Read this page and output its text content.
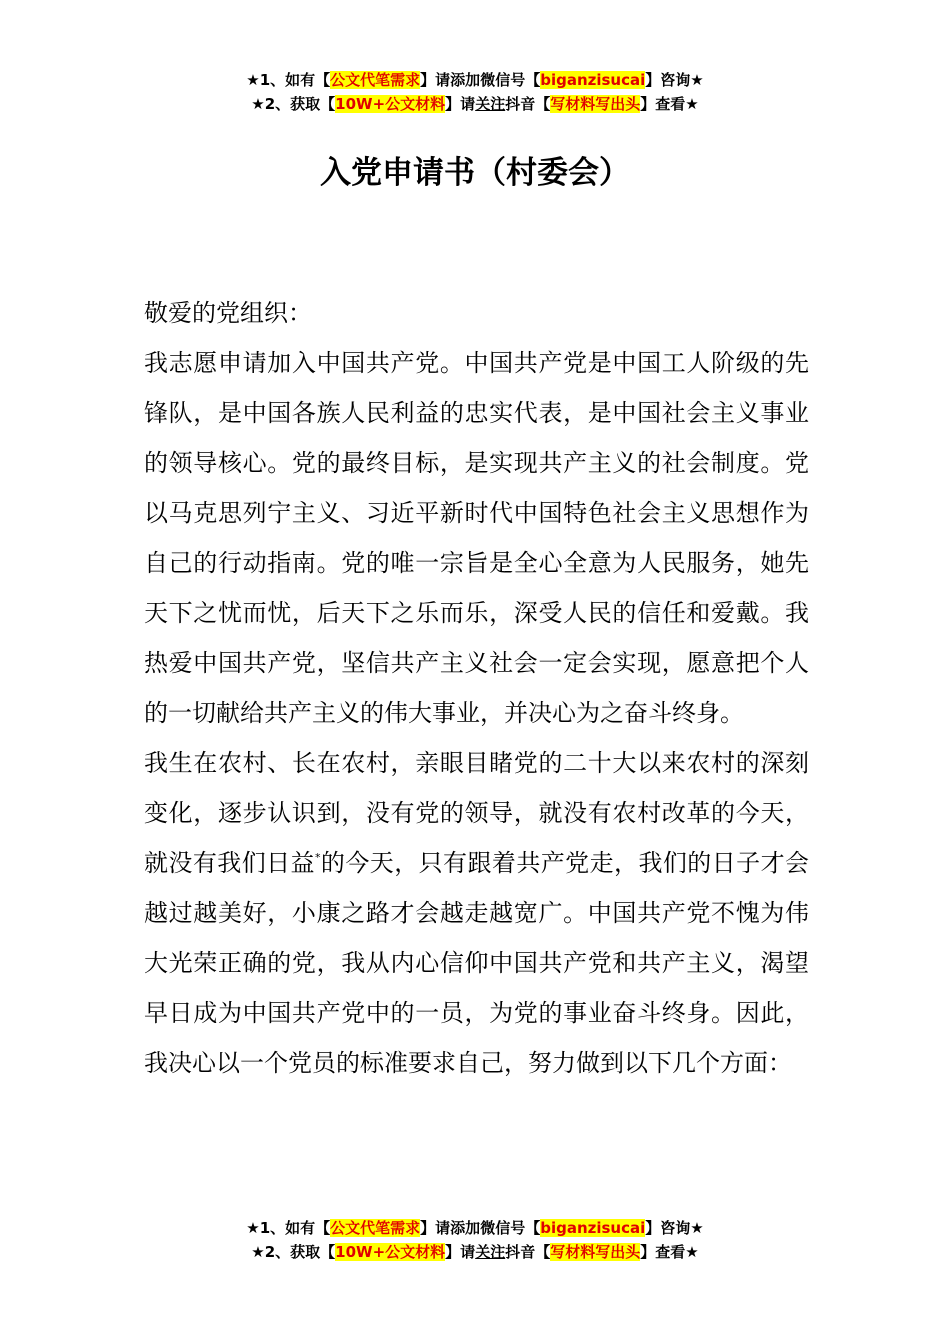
★1、如有【公文代笔需求】请添加微信号【biganzisucai】咨询★
★2、获取【10W+公文材料】请关注抖音【写材料写出头】查看★
入党申请书（村委会）

敬爱的党组织：

我志愿申请加入中国共产党。中国共产党是中国工人阶级的先锋队，是中国各族人民利益的忠实代表，是中国社会主义事业的领导核心。党的最终目标，是实现共产主义的社会制度。党以马克思列宁主义、习近平新时代中国特色社会主义思想作为自己的行动指南。党的唯一宗旨是全心全意为人民服务，她先天下之忧而忧，后天下之乐而乐，深受人民的信任和爱戴。我热爱中国共产党，坚信共产主义社会一定会实现，愿意把个人的一切献给共产主义的伟大事业，并决心为之奋斗终身。

我生在农村、长在农村，亲眼目睹党的二十大以来农村的深刻变化，逐步认识到，没有党的领导，就没有农村改革的今天，就没有我们日益*的今天，只有跟着共产党走，我们的日子才会越过越美好，小康之路才会越走越宽广。中国共产党不愧为伟大光荣正确的党，我从内心信仰中国共产党和共产主义，渴望早日成为中国共产党中的一员，为党的事业奋斗终身。因此，我决心以一个党员的标准要求自己，努力做到以下几个方面：

★1、如有【公文代笔需求】请添加微信号【biganzisucai】咨询★
★2、获取【10W+公文材料】请关注抖音【写材料写出头】查看★
